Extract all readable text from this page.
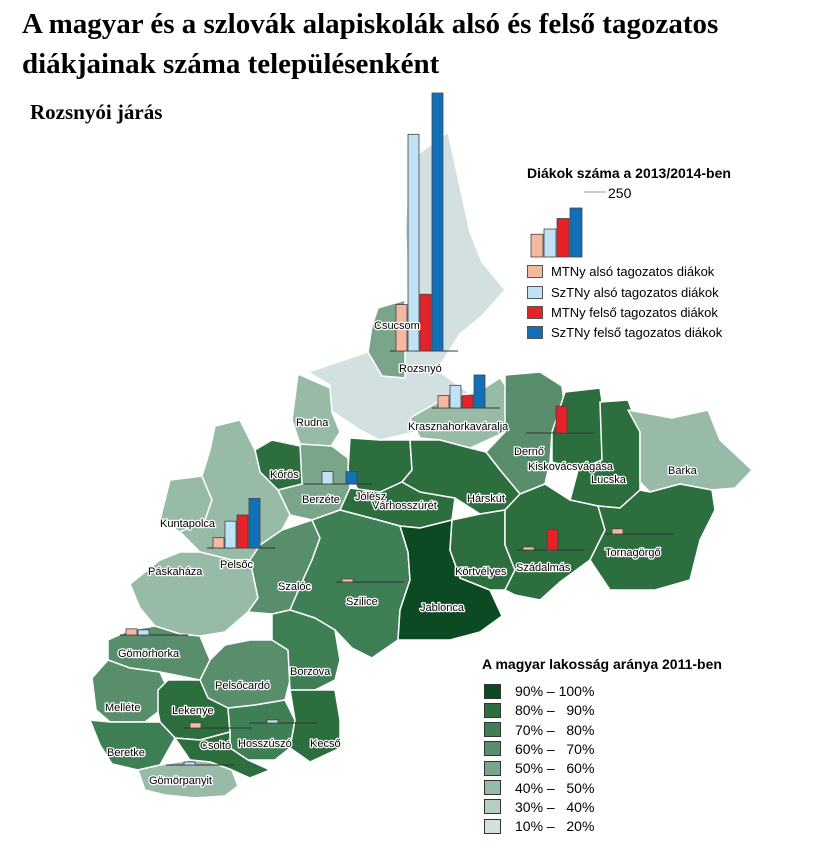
A magyar és a szlovák alapiskolák alsó és felső tagozatos diákjainak száma településenként
Rozsnyói járás
Csucsom
Rozsnyó
Rudna	Krasznahorkaváralja
Dernő
Kiskovácsvágása
Lucska
Barka
Kőrös
Berzéte Jólész
Várhosszúrét
Hárskút
Kuntapolca
Pelsőc
Páskaháza
Szalóc
Szilice	Jablonca
Körtvélyes Szádalmás
Tornagörgő
Gömörhorka
Pelsőcardó
Borzova
Melléte	Lekenye
Hosszúszó Kecső
Beretke
Csoltó
Gömörpanyit
250
Diákok száma a 2013/2014-ben
MTNy alsó tagozatos diákok
SzTNy alsó tagozatos diákok
MTNy felső tagozatos diákok
SzTNy felső tagozatos diákok
A magyar lakosság aránya 2011-ben
90% – 100%
80% –   90%
70% –   80%
60% –   70%
50% –   60%
40% –   50%
30% –   40%
10% –   20%
